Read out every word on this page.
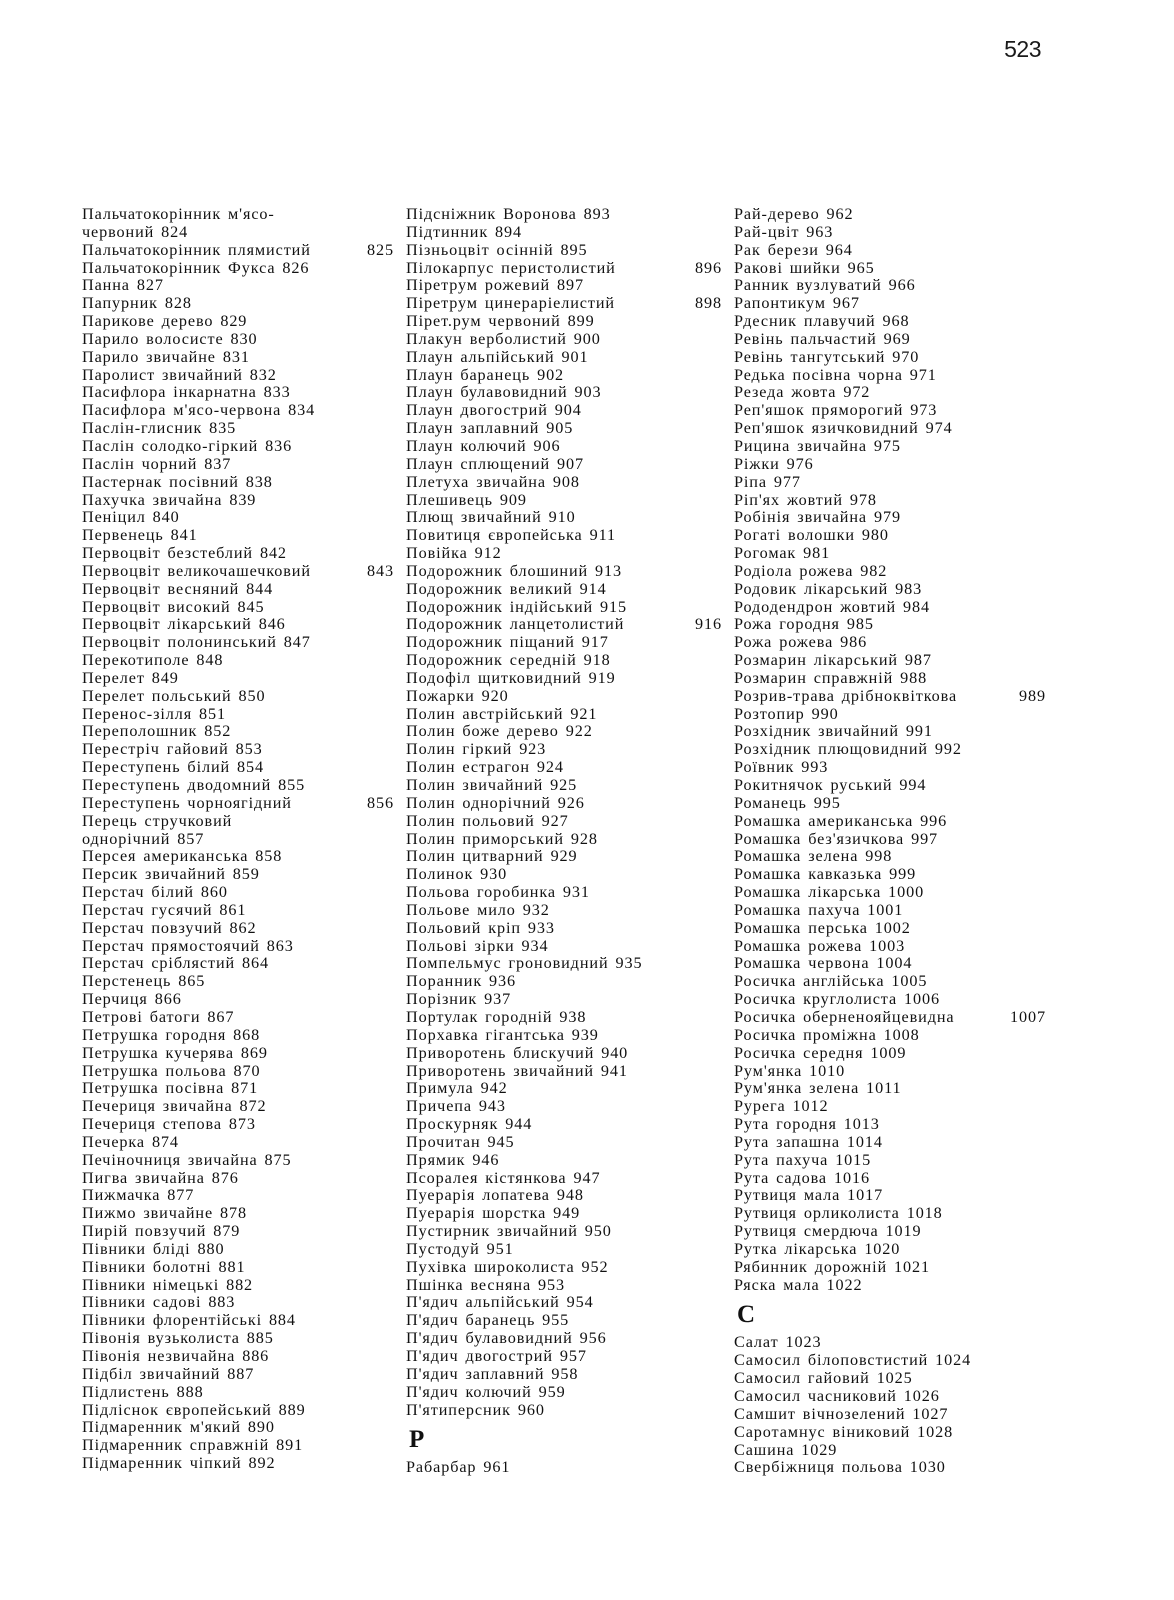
523
Пальчатокорінник м'ясо-
червоний 824
Пальчатокорінник плямистий	825
Пальчатокорінник Фукса 826
Панна 827
Папурник 828
Парикове дерево 829
Парило волосисте 830
Парило звичайне 831
Паролист звичайний 832
Пасифлора інкарнатна 833
Пасифлора м'ясо-червона 834
Паслін-глисник 835
Паслін солодко-гіркий 836
Паслін чорний 837
Пастернак посівний 838
Пахучка звичайна 839
Пеніцил 840
Первенець 841
Первоцвіт безстеблий 842
Первоцвіт великочашечковий	843
Первоцвіт весняний 844
Первоцвіт високий 845
Первоцвіт лікарський 846
Первоцвіт полонинський 847
Перекотиполе 848
Перелет 849
Перелет польський 850
Перенос-зілля 851
Переполошник 852
Перестріч гайовий 853
Переступень білий 854
Переступень дводомний 855
Переступень чорноягідний	856
Перець стручковий
однорічний 857
Персея американська 858
Персик звичайний 859
Перстач білий 860
Перстач гусячий 861
Перстач повзучий 862
Перстач прямостоячий 863
Перстач сріблястий 864
Перстенець 865
Перчиця 866
Петрові батоги 867
Петрушка городня 868
Петрушка кучерява 869
Петрушка польова 870
Петрушка посівна 871
Печериця звичайна 872
Печериця степова 873
Печерка 874
Печіночниця звичайна 875
Пигва звичайна 876
Пижмачка 877
Пижмо звичайне 878
Пирій повзучий 879
Півники бліді 880
Півники болотні 881
Півники німецькі 882
Півники садові 883
Півники флорентійські 884
Півонія вузьколиста 885
Півонія незвичайна 886
Підбіл звичайний 887
Підлистень 888
Підліснок європейський 889
Підмаренник м'який 890
Підмаренник справжній 891
Підмаренник чіпкий 892
Підсніжник Воронова 893
Підтинник 894
Пізньоцвіт осінній 895
Пілокарпус перистолистий	896
Піретрум рожевий 897
Піретрум цинераріелистий	898
Пірет.рум червоний 899
Плакун верболистий 900
Плаун альпійський 901
Плаун баранець 902
Плаун булавовидний 903
Плаун двогострий 904
Плаун заплавний 905
Плаун колючий 906
Плаун сплющений 907
Плетуха звичайна 908
Плешивець 909
Плющ звичайний 910
Повитиця європейська 911
Повійка 912
Подорожник блошиний 913
Подорожник великий 914
Подорожник індійський 915
Подорожник ланцетолистий	916
Подорожник піщаний 917
Подорожник середній 918
Подофіл щитковидний 919
Пожарки 920
Полин австрійський 921
Полин боже дерево 922
Полин гіркий 923
Полин естрагон 924
Полин звичайний 925
Полин однорічний 926
Полин польовий 927
Полин приморський 928
Полин цитварний 929
Полинок 930
Польова горобинка 931
Польове мило 932
Польовий кріп 933
Польові зірки 934
Помпельмус гроновидний 935
Поранник 936
Порізник 937
Портулак городній 938
Порхавка гігантська 939
Приворотень блискучий 940
Приворотень звичайний 941
Примула 942
Причепа 943
Проскурняк 944
Прочитан 945
Прямик 946
Псоралея кістянкова 947
Пуерарія лопатева 948
Пуерарія шорстка 949
Пустирник звичайний 950
Пустодуй 951
Пухівка широколиста 952
Пшінка весняна 953
П'ядич альпійський 954
П'ядич баранець 955
П'ядич булавовидний 956
П'ядич двогострий 957
П'ядич заплавний 958
П'ядич колючий 959
П'ятиперсник 960
Р
Рабарбар 961
Рай-дерево 962
Рай-цвіт 963
Рак берези 964
Ракові шийки 965
Ранник вузлуватий 966
Рапонтикум 967
Рдесник плавучий 968
Ревінь пальчастий 969
Ревінь тангутський 970
Редька посівна чорна 971
Резеда жовта 972
Реп'яшок пряморогий 973
Реп'яшок язичковидний 974
Рицина звичайна 975
Ріжки 976
Ріпа 977
Ріп'ях жовтий 978
Робінія звичайна 979
Рогаті волошки 980
Рогомак 981
Родіола рожева 982
Родовик лікарський 983
Рододендрон жовтий 984
Рожа городня 985
Рожа рожева 986
Розмарин лікарський 987
Розмарин справжній 988
Розрив-трава дрібноквіткова	989
Розтопир 990
Розхідник звичайний 991
Розхідник плющовидний 992
Роївник 993
Рокитнячок руський 994
Романець 995
Ромашка американська 996
Ромашка без'язичкова 997
Ромашка зелена 998
Ромашка кавказька 999
Ромашка лікарська 1000
Ромашка пахуча 1001
Ромашка перська 1002
Ромашка рожева 1003
Ромашка червона 1004
Росичка англійська 1005
Росичка круглолиста 1006
Росичка оберненояйцевидна	1007
Росичка проміжна 1008
Росичка середня 1009
Рум'янка 1010
Рум'янка зелена 1011
Рурега 1012
Рута городня 1013
Рута запашна 1014
Рута пахуча 1015
Рута садова 1016
Рутвиця мала 1017
Рутвиця орликолиста 1018
Рутвиця смердюча 1019
Рутка лікарська 1020
Рябинник дорожній 1021
Ряска мала 1022
С
Салат 1023
Самосил білоповстистий 1024
Самосил гайовий 1025
Самосил часниковий 1026
Самшит вічнозелений 1027
Саротамнус віниковий 1028
Сашина 1029
Свербіжниця польова 1030
